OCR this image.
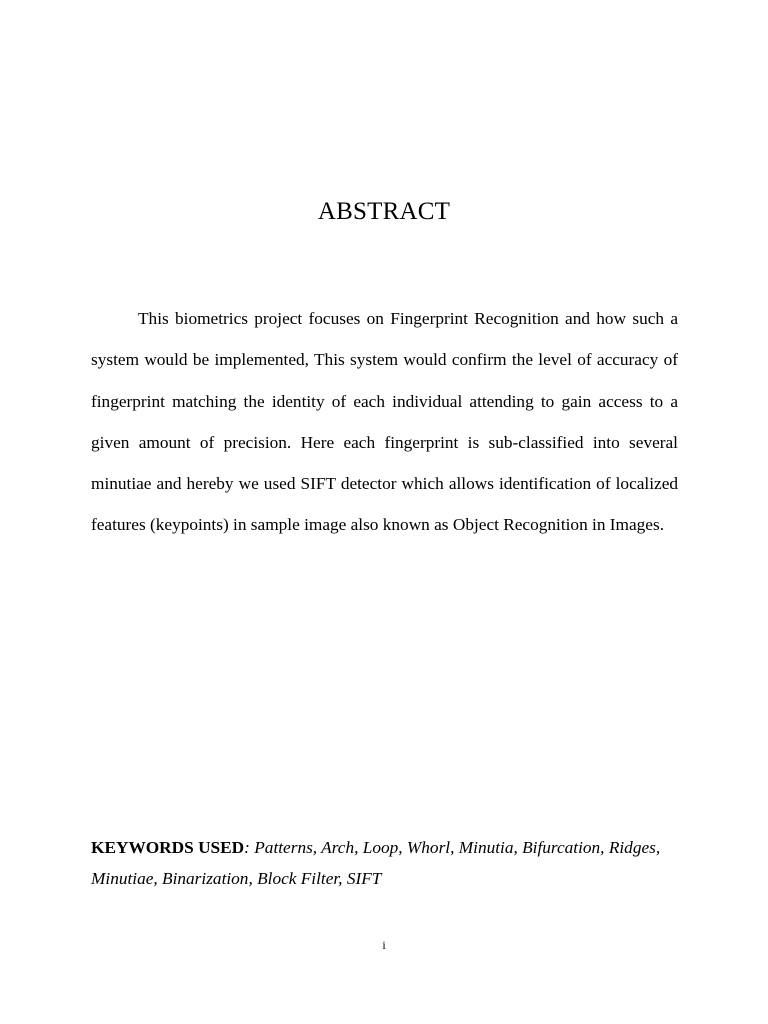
ABSTRACT

This biometrics project focuses on Fingerprint Recognition and how such a system would be implemented, This system would confirm the level of accuracy of fingerprint matching the identity of each individual attending to gain access to a given amount of precision. Here each fingerprint is sub-classified into several minutiae and hereby we used SIFT detector which allows identification of localized features (keypoints) in sample image also known as Object Recognition in Images.

KEYWORDS USED: Patterns, Arch, Loop, Whorl, Minutia, Bifurcation, Ridges, Minutiae, Binarization, Block Filter, SIFT

i
